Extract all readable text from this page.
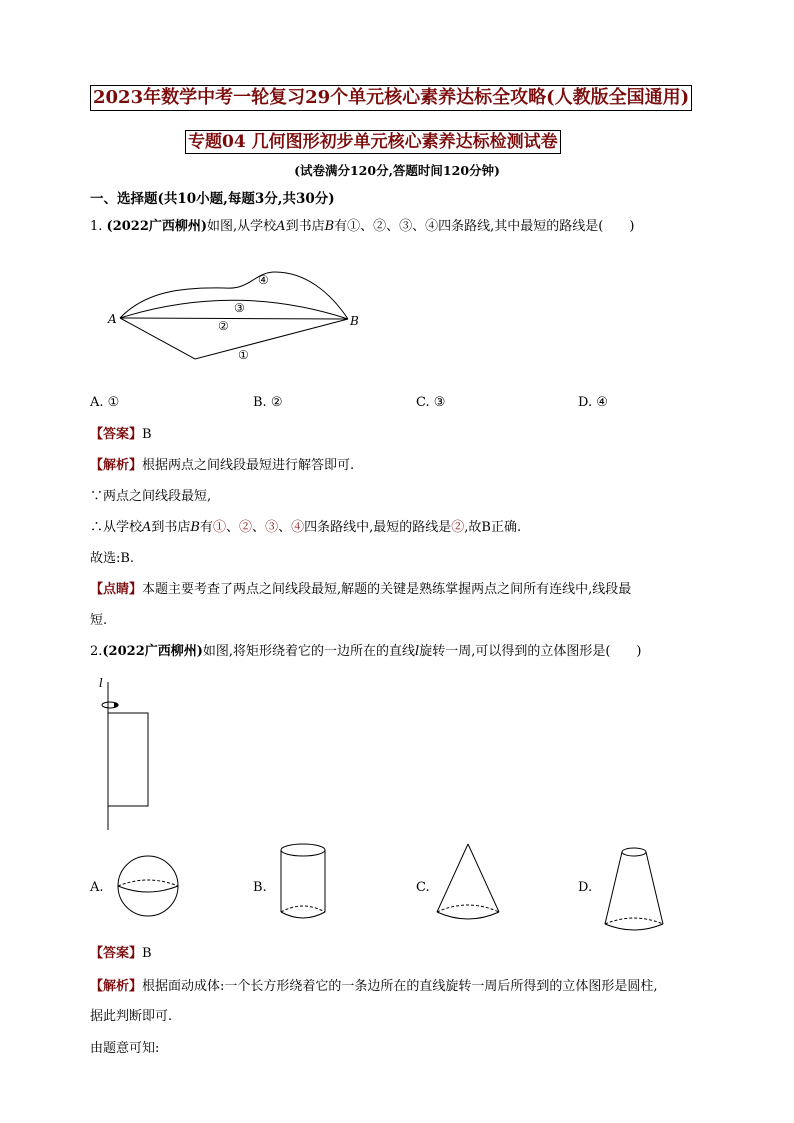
2023年数学中考一轮复习29个单元核心素养达标全攻略(人教版全国通用)
专题04 几何图形初步单元核心素养达标检测试卷
(试卷满分120分,答题时间120分钟)
一、选择题(共10小题,每题3分,共30分)
1. (2022广西柳州)如图,从学校A到书店B有①、②、③、④四条路线,其中最短的路线是(　　)
A	B
①
②
③
④
A. ①	B. ②	C. ③	D. ④
【答案】B
【解析】根据两点之间线段最短进行解答即可.
∵两点之间线段最短,
∴从学校A到书店B有①、②、③、④四条路线中,最短的路线是②,故B正确.
故选:B.
【点睛】本题主要考查了两点之间线段最短,解题的关键是熟练掌握两点之间所有连线中,线段最
短.
2.(2022广西柳州)如图,将矩形绕着它的一边所在的直线l旋转一周,可以得到的立体图形是(　　)
l
A.	B.	C.	D.
【答案】B
【解析】根据面动成体:一个长方形绕着它的一条边所在的直线旋转一周后所得到的立体图形是圆柱,
据此判断即可.
由题意可知:
